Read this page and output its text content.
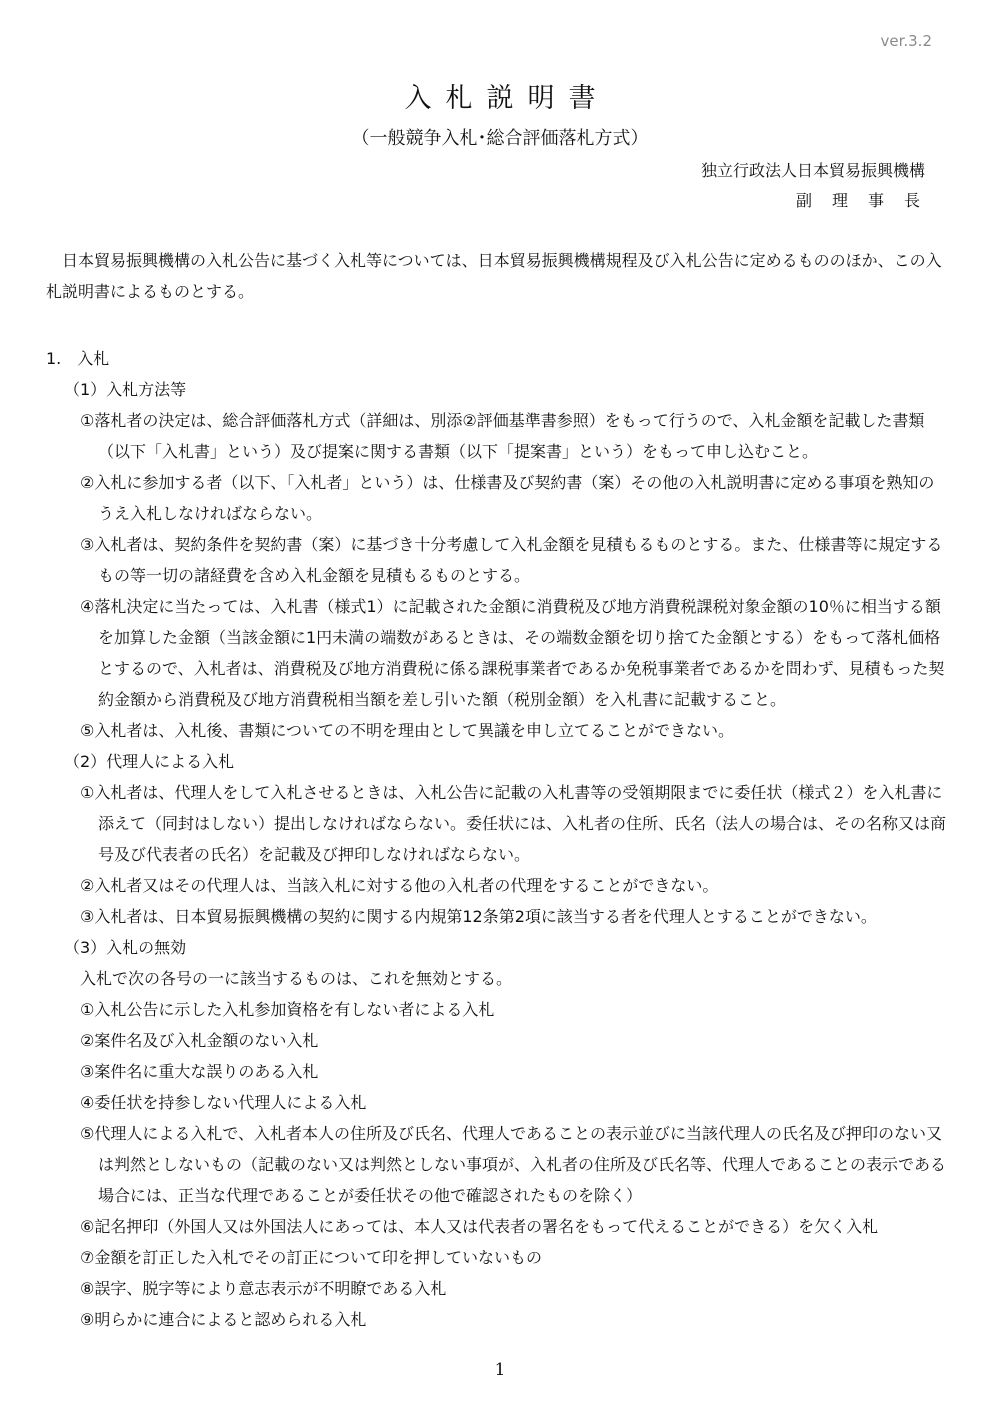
ver.3.2
入札説明書
（一般競争入札･総合評価落札方式）
独立行政法人日本貿易振興機構
副理事長

日本貿易振興機構の入札公告に基づく入札等については、日本貿易振興機構規程及び入札公告に定めるもののほか、この入札説明書によるものとする。

1.　入札
（1）入札方法等
①落札者の決定は、総合評価落札方式（詳細は、別添②評価基準書参照）をもって行うので、入札金額を記載した書類（以下「入札書」という）及び提案に関する書類（以下「提案書」という）をもって申し込むこと。
②入札に参加する者（以下、「入札者」という）は、仕様書及び契約書（案）その他の入札説明書に定める事項を熟知のうえ入札しなければならない。
③入札者は、契約条件を契約書（案）に基づき十分考慮して入札金額を見積もるものとする。また、仕様書等に規定するもの等一切の諸経費を含め入札金額を見積もるものとする。
④落札決定に当たっては、入札書（様式1）に記載された金額に消費税及び地方消費税課税対象金額の10％に相当する額を加算した金額（当該金額に1円未満の端数があるときは、その端数金額を切り捨てた金額とする）をもって落札価格とするので、入札者は、消費税及び地方消費税に係る課税事業者であるか免税事業者であるかを問わず、見積もった契約金額から消費税及び地方消費税相当額を差し引いた額（税別金額）を入札書に記載すること。
⑤入札者は、入札後、書類についての不明を理由として異議を申し立てることができない。
（2）代理人による入札
①入札者は、代理人をして入札させるときは、入札公告に記載の入札書等の受領期限までに委任状（様式２）を入札書に添えて（同封はしない）提出しなければならない。委任状には、入札者の住所、氏名（法人の場合は、その名称又は商号及び代表者の氏名）を記載及び押印しなければならない。
②入札者又はその代理人は、当該入札に対する他の入札者の代理をすることができない。
③入札者は、日本貿易振興機構の契約に関する内規第12条第2項に該当する者を代理人とすることができない。
（3）入札の無効
入札で次の各号の一に該当するものは、これを無効とする。
①入札公告に示した入札参加資格を有しない者による入札
②案件名及び入札金額のない入札
③案件名に重大な誤りのある入札
④委任状を持参しない代理人による入札
⑤代理人による入札で、入札者本人の住所及び氏名、代理人であることの表示並びに当該代理人の氏名及び押印のない又は判然としないもの（記載のない又は判然としない事項が、入札者の住所及び氏名等、代理人であることの表示である場合には、正当な代理であることが委任状その他で確認されたものを除く）
⑥記名押印（外国人又は外国法人にあっては、本人又は代表者の署名をもって代えることができる）を欠く入札
⑦金額を訂正した入札でその訂正について印を押していないもの
⑧誤字、脱字等により意志表示が不明瞭である入札
⑨明らかに連合によると認められる入札
1
